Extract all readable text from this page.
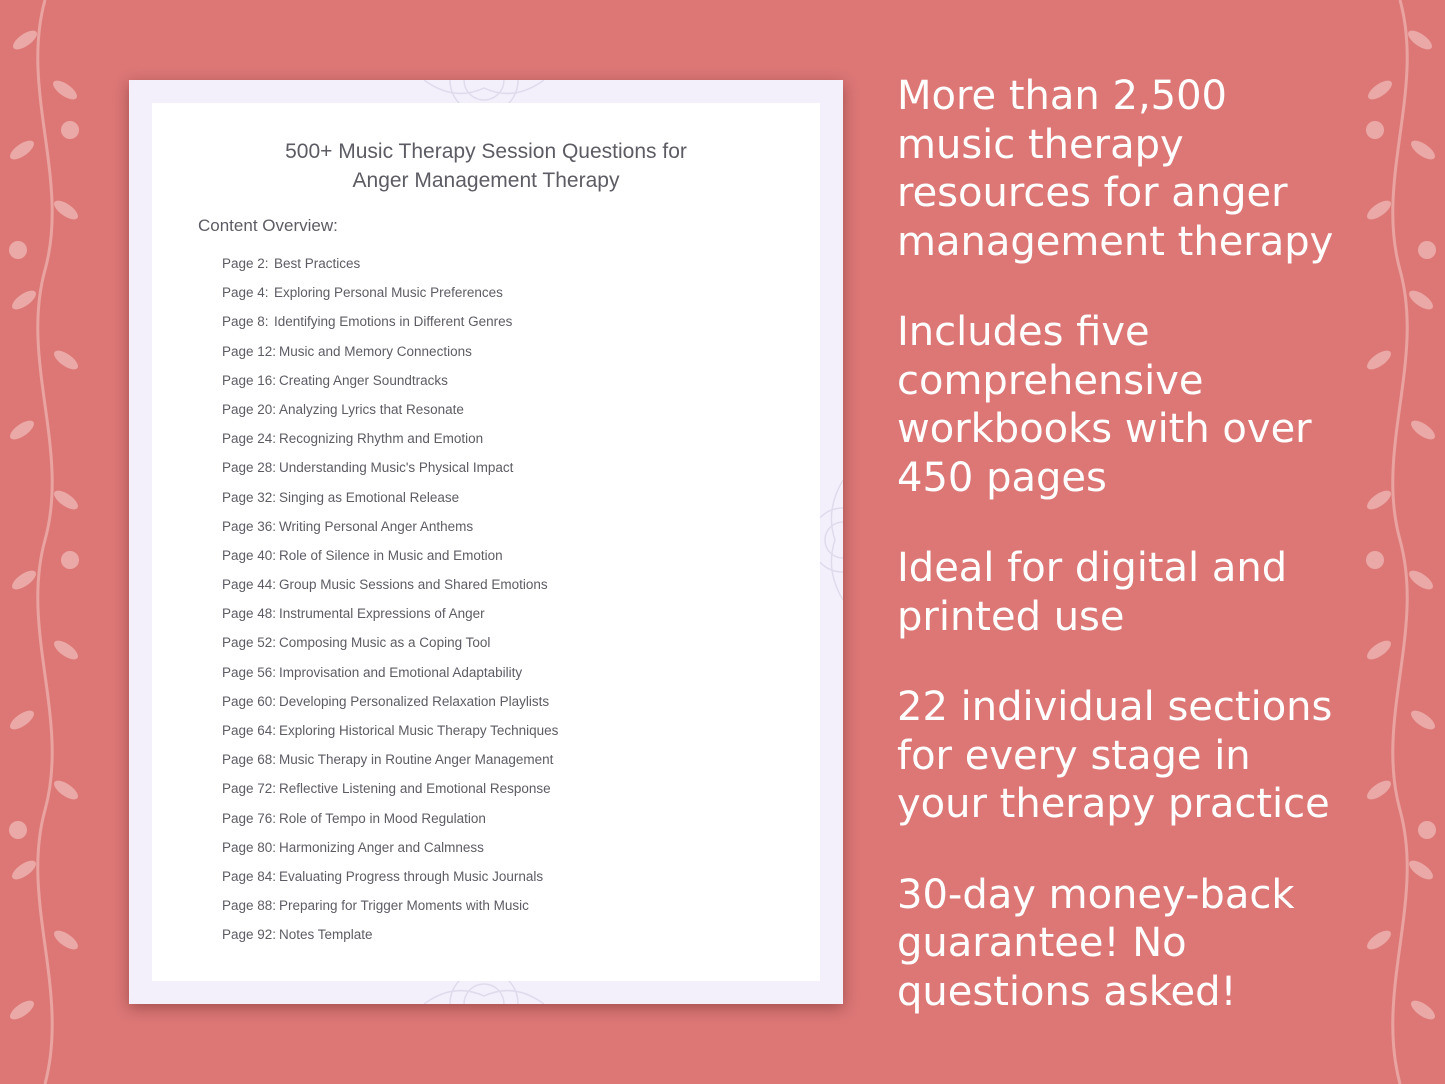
500+ Music Therapy Session Questions for
Anger Management Therapy
Content Overview:
Page 2: Best Practices
Page 4: Exploring Personal Music Preferences
Page 8: Identifying Emotions in Different Genres
Page 12: Music and Memory Connections
Page 16: Creating Anger Soundtracks
Page 20: Analyzing Lyrics that Resonate
Page 24: Recognizing Rhythm and Emotion
Page 28: Understanding Music's Physical Impact
Page 32: Singing as Emotional Release
Page 36: Writing Personal Anger Anthems
Page 40: Role of Silence in Music and Emotion
Page 44: Group Music Sessions and Shared Emotions
Page 48: Instrumental Expressions of Anger
Page 52: Composing Music as a Coping Tool
Page 56: Improvisation and Emotional Adaptability
Page 60: Developing Personalized Relaxation Playlists
Page 64: Exploring Historical Music Therapy Techniques
Page 68: Music Therapy in Routine Anger Management
Page 72: Reflective Listening and Emotional Response
Page 76: Role of Tempo in Mood Regulation
Page 80: Harmonizing Anger and Calmness
Page 84: Evaluating Progress through Music Journals
Page 88: Preparing for Trigger Moments with Music
Page 92: Notes Template

More than 2,500 music therapy resources for anger management therapy

Includes five comprehensive workbooks with over 450 pages

Ideal for digital and printed use

22 individual sections for every stage in your therapy practice

30-day money-back guarantee! No questions asked!
